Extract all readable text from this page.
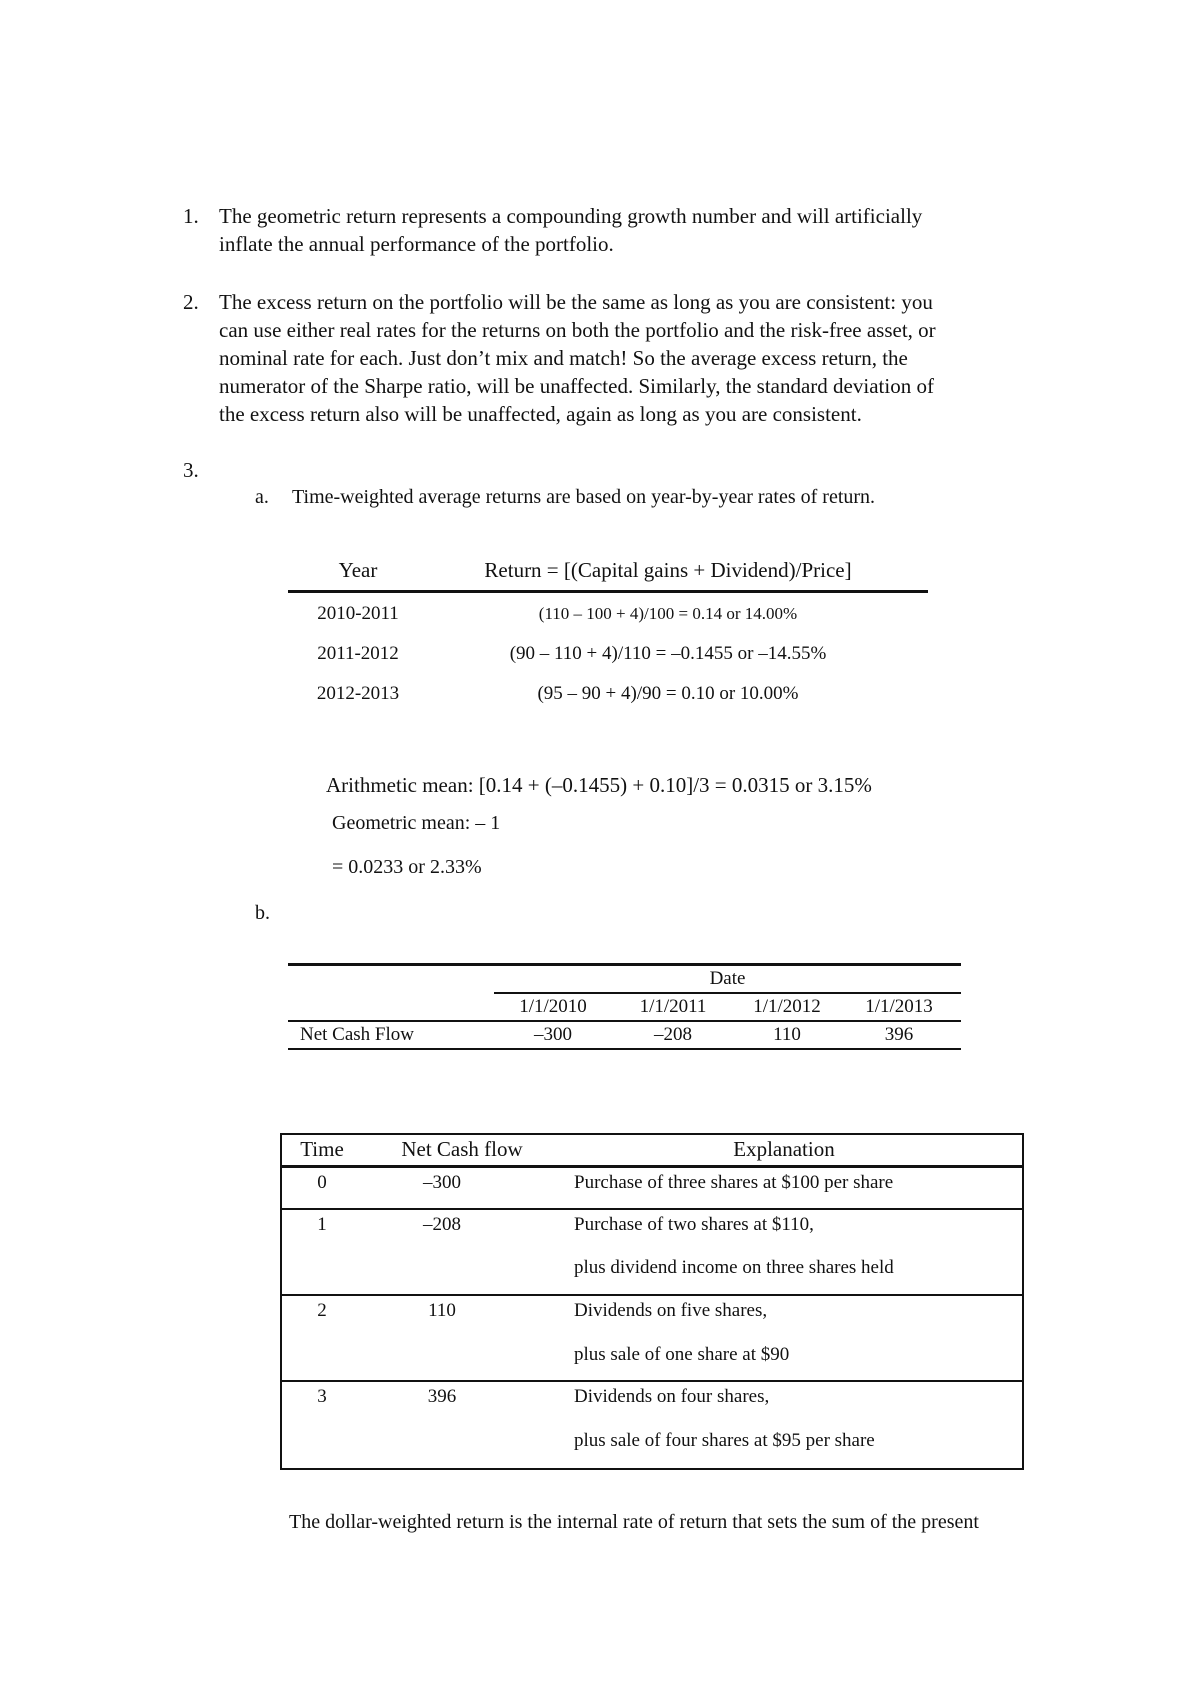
1. The geometric return represents a compounding growth number and will artificially
inflate the annual performance of the portfolio.
2. The excess return on the portfolio will be the same as long as you are consistent: you
can use either real rates for the returns on both the portfolio and the risk-free asset, or
nominal rate for each. Just don’t mix and match! So the average excess return, the
numerator of the Sharpe ratio, will be unaffected. Similarly, the standard deviation of
the excess return also will be unaffected, again as long as you are consistent.
3.
a. Time-weighted average returns are based on year-by-year rates of return.
Year	Return = [(Capital gains + Dividend)/Price]
2010-2011	(110 – 100 + 4)/100 = 0.14 or 14.00%
2011-2012	(90 – 110 + 4)/110 = –0.1455 or –14.55%
2012-2013	(95 – 90 + 4)/90 = 0.10 or 10.00%
Arithmetic mean: [0.14 + (–0.1455) + 0.10]/3 = 0.0315 or 3.15%
Geometric mean: – 1
= 0.0233 or 2.33%
b.
Date
1/1/2010	1/1/2011	1/1/2012	1/1/2013
Net Cash Flow	–300	–208	110	396
Time	Net Cash flow	Explanation
0	–300	Purchase of three shares at $100 per share
1	–208	Purchase of two shares at $110,
plus dividend income on three shares held
2	110	Dividends on five shares,
plus sale of one share at $90
3	396	Dividends on four shares,
plus sale of four shares at $95 per share
The dollar-weighted return is the internal rate of return that sets the sum of the present
